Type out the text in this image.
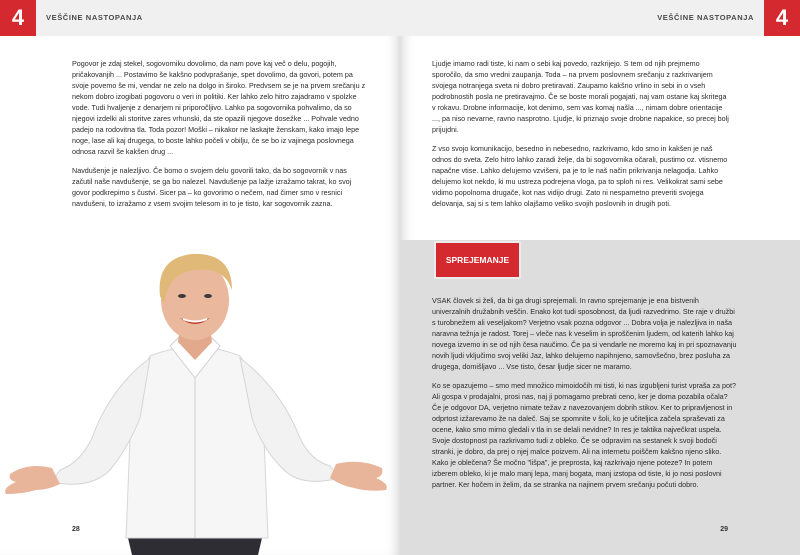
4	VEŠČINE NASTOPANJA

Pogovor je zdaj stekel, sogovorniku dovolimo, da nam pove kaj več o delu, pogojih, pričakovanjih ... Postavimo še kakšno podvprašanje, spet dovolimo, da govori, potem pa svoje povemo še mi, vendar ne zelo na dolgo in široko. Predvsem se je na prvem srečanju z nekom dobro izogibati pogovoru o veri in politiki. Ker lahko zelo hitro zajadramo v spolzke vode. Tudi hvaljenje z denarjem ni priporočljivo. Lahko pa sogovornika pohvalimo, da so njegovi izdelki ali storitve zares vrhunski, da ste opazili njegove dosežke ... Pohvale vedno padejo na rodovitna tla. Toda pozor! Moški – nikakor ne laskajte ženskam, kako imajo lepe noge, lase ali kaj drugega, to boste lahko počeli v obilju, če se bo iz vajinega poslovnega odnosa razvil še kakšen drug ...

Navdušenje je nalezljivo. Če bomo o svojem delu govorili tako, da bo sogovornik v nas začutil naše navdušenje, se ga bo nalezel. Navdušenje pa lažje izražamo takrat, ko svoj govor podkrepimo s čustvi. Sicer pa – ko govorimo o nečem, nad čimer smo v resnici navdušeni, to izražamo z vsem svojim telesom in to je tisto, kar sogovornik zazna.

28
4
VEŠČINE NASTOPANJA

Ljudje imamo radi tiste, ki nam o sebi kaj povedo, razkrijejo. S tem od njih prejmemo sporočilo, da smo vredni zaupanja. Toda – na prvem poslovnem srečanju z razkrivanjem svojega notranjega sveta ni dobro pretiravati. Zaupamo kakšno vrlino in sebi in o vseh podrobnostih posla ne pretiravajmo. Če se boste morali pogajati, naj vam ostane kaj skritega v rokavu. Drobne informacije, kot denimo, sem vas komaj našla ..., nimam dobre orientacije ..., pa niso nevarne, ravno nasprotno. Ljudje, ki priznajo svoje drobne napakice, so precej bolj prijujdni.

Z vso svojo komunikacijo, besedno in nebesedno, razkrivamo, kdo smo in kakšen je naš odnos do sveta. Zelo hitro lahko zaradi želje, da bi sogovornika očarali, pustimo oz. vtisnemo napačne vtise. Lahko delujemo vzvišeni, pa je to le naš način prikrivanja nelagodja. Lahko delujemo kot nekdo, ki mu ustreza podrejena vloga, pa to sploh ni res. Velikokrat sami sebe vidimo popolnoma drugače, kot nas vidijo drugi. Zato ni nespametno preveriti svojega delovanja, saj si s tem lahko olajšamo veliko svojih poslovnih in drugih poti.

SPREJEMANJE

VSAK človek si želi, da bi ga drugi sprejemali. In ravno sprejemanje je ena bistvenih univerzalnih družabnih veščin. Enako kot tudi sposobnost, da ljudi razvedrimo. Ste raje v družbi s turobnežem ali veseljakom? Verjetno vsak pozna odgovor ... Dobra volja je nalezljiva in naša naravna težnja je radost. Torej – vleče nas k veselim in sproščenim ljudem, od katerih lahko kaj novega izvemo in se od njih česa naučimo. Če pa si vendarle ne moremo kaj in pri spoznavanju novih ljudi vključimo svoj veliki Jaz, lahko delujemo napihnjeno, samovšečno, brez posluha za drugega, domišljavo ... Vse tisto, česar ljudje sicer ne maramo.

Ko se opazujemo – smo med množico mimoidočih mi tisti, ki nas izgubljeni turist vpraša za pot? Ali gospa v prodajalni, prosi nas, naj ji pomagamo prebrati ceno, ker je doma pozabila očala? Če je odgovor DA, verjetno nimate težav z navezovanjem dobrih stikov. Ker to pripravljenost in odprtost izžarevamo že na daleč. Saj se spomnite v šoli, ko je učiteljica začela spraševati za ocene, kako smo mirno gledali v tla in se delali nevidne? In res je taktika največkrat uspela. Svoje dostopnost pa razkrivamo tudi z obleko. Če se odpravim na sestanek k svoji bodoči stranki, je dobro, da prej o njej malce poizvem. Ali na internetu poiščem kakšno njeno sliko. Kako je oblečena? Še močno "lišpa", je preprosta, kaj razkrivajo njene poteze? In potem izberem obleko, ki je malo manj lepa, manj bogata, manj izstopa od tiste, ki jo nosi poslovni partner. Ker hočem in želim, da se stranka na najinem prvem srečanju počuti dobro.

29
